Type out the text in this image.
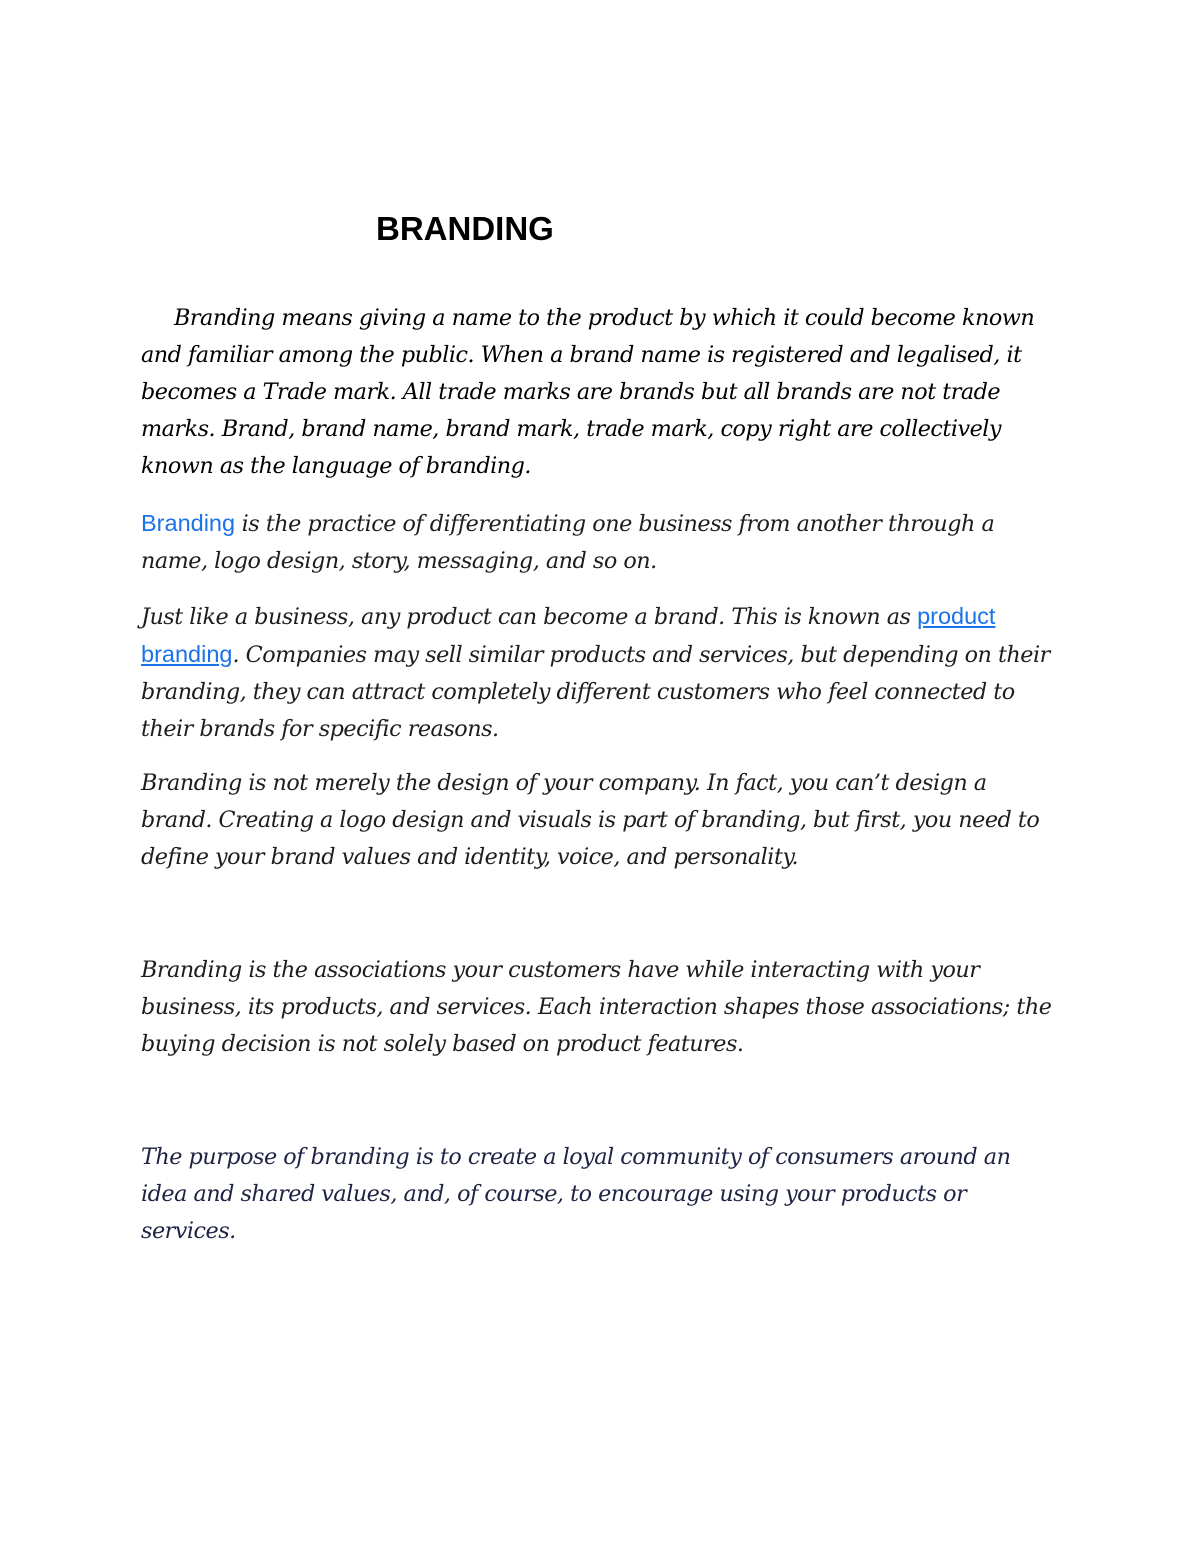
BRANDING

Branding means giving a name to the product by which it could become known and familiar among the public. When a brand name is registered and legalised, it becomes a Trade mark. All trade marks are brands but all brands are not trade marks. Brand, brand name, brand mark, trade mark, copy right are collectively known as the language of branding.

Branding is the practice of differentiating one business from another through a name, logo design, story, messaging, and so on.

Just like a business, any product can become a brand. This is known as product branding. Companies may sell similar products and services, but depending on their branding, they can attract completely different customers who feel connected to their brands for specific reasons.

Branding is not merely the design of your company. In fact, you can’t design a brand. Creating a logo design and visuals is part of branding, but first, you need to define your brand values and identity, voice, and personality.

Branding is the associations your customers have while interacting with your business, its products, and services. Each interaction shapes those associations; the buying decision is not solely based on product features.

The purpose of branding is to create a loyal community of consumers around an idea and shared values, and, of course, to encourage using your products or services.
